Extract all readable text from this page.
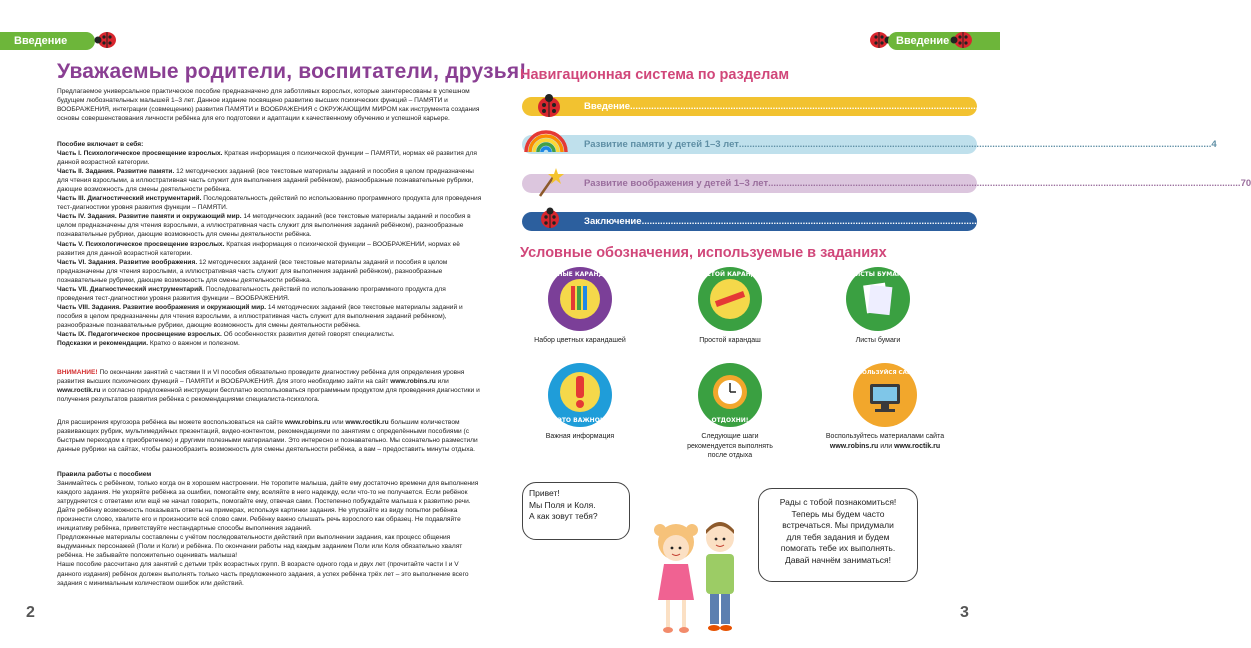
Введение
Уважаемые родители, воспитатели, друзья!
Предлагаемое универсальное практическое пособие предназначено для заботливых взрослых, которые заинтересованы в успешном будущем любознательных малышей 1–3 лет. Данное издание посвящено развитию высших психических функций – ПАМЯТИ и ВООБРАЖЕНИЯ, интеграции (совмещению) развития ПАМЯТИ и ВООБРАЖЕНИЯ с ОКРУЖАЮЩИМ МИРОМ как инструмента создания основы совершенствования личности ребёнка для его подготовки и адаптации к качественному обучению и успешной карьере.
Пособие включает в себя:
Часть I. Психологическое просвещение взрослых. Краткая информация о психической функции – ПАМЯТИ, нормах её развития для данной возрастной категории.
Часть II. Задания. Развитие памяти. 12 методических заданий (все текстовые материалы заданий и пособия в целом предназначены для чтения взрослыми, а иллюстративная часть служит для выполнения заданий ребёнком), разнообразные познавательные рубрики, дающие возможность для смены деятельности ребёнка.
Часть III. Диагностический инструментарий. Последовательность действий по использованию программного продукта для проведения тест-диагностики уровня развития функции – ПАМЯТИ.
Часть IV. Задания. Развитие памяти и окружающий мир. 14 методических заданий (все текстовые материалы заданий и пособия в целом предназначены для чтения взрослыми, а иллюстративная часть служит для выполнения заданий ребёнком), разнообразные познавательные рубрики, дающие возможность для смены деятельности ребёнка.
Часть V. Психологическое просвещение взрослых. Краткая информация о психической функции – ВООБРАЖЕНИИ, нормах её развития для данной возрастной категории.
Часть VI. Задания. Развитие воображения. 12 методических заданий (все текстовые материалы заданий и пособия в целом предназначены для чтения взрослыми, а иллюстративная часть служит для выполнения заданий ребёнком), разнообразные познавательные рубрики, дающие возможность для смены деятельности ребёнка.
Часть VII. Диагностический инструментарий. Последовательность действий по использованию программного продукта для проведения тест-диагностики уровня развития функции – ВООБРАЖЕНИЯ.
Часть VIII. Задания. Развитие воображения и окружающий мир. 14 методических заданий (все текстовые материалы заданий и пособия в целом предназначены для чтения взрослыми, а иллюстративная часть служит для выполнения заданий ребёнком), разнообразные познавательные рубрики, дающие возможность для смены деятельности ребёнка.
Часть IX. Педагогическое просвещение взрослых. Об особенностях развития детей говорят специалисты.
Подсказки и рекомендации. Кратко о важном и полезном.
ВНИМАНИЕ! По окончании занятий с частями II и VI пособия обязательно проведите диагностику ребёнка для определения уровня развития высших психических функций – ПАМЯТИ и ВООБРАЖЕНИЯ. Для этого необходимо зайти на сайт www.robins.ru или www.roctik.ru и согласно предложенной инструкции бесплатно воспользоваться программным продуктом для проведения диагностики и получения результатов развития ребёнка с рекомендациями специалиста-психолога.
Для расширения кругозора ребёнка вы можете воспользоваться на сайте www.robins.ru или www.roctik.ru большим количеством развивающих рубрик, мультимедийных презентаций, видео-контентом, рекомендациями по занятиям с определёнными пособиями (с быстрым переходом к приобретению) и другими полезными материалами. Это интересно и познавательно. Мы сознательно разместили данные рубрики на сайтах, чтобы разнообразить возможность для смены деятельности ребёнка, а вам – предоставить минуты отдыха.
Правила работы с пособием
Занимайтесь с ребёнком, только когда он в хорошем настроении. Не торопите малыша, дайте ему достаточно времени для выполнения каждого задания. Не укоряйте ребёнка за ошибки, помогайте ему, вселяйте в него надежду, если что-то не получается. Если ребёнок затрудняется с ответами или ещё не начал говорить, помогайте ему, отвечая сами. Постепенно побуждайте малыша к развитию речи. Дайте ребёнку возможность показывать ответы на примерах, используя картинки задания. Не упускайте из виду попытки ребёнка произнести слово, хвалите его и произносите всё слово сами. Ребёнку важно слышать речь взрослого как образец. Не подавляйте инициативу ребёнка, приветствуйте нестандартные способы выполнения заданий.
Предложенные материалы составлены с учётом последовательности действий при выполнении задания, как процесс общения выдуманных персонажей (Поли и Коли) и ребёнка. По окончании работы над каждым заданием Поли или Коля обязательно хвалят ребёнка. Не забывайте положительно оценивать малыша!
Наше пособие рассчитано для занятий с детьми трёх возрастных групп. В возрасте одного года и двух лет (прочитайте части I и V данного издания) ребёнок должен выполнять только часть предложенного задания, а успех ребёнка трёх лет – это выполнение всего задания с минимальным количеством ошибок или действий.
2
Введение
Навигационная система по разделам
Введение ................................................................................................................................................................................... 2
Развитие памяти у детей 1–3 лет ................................................................................................................................................................................... 4
Развитие воображения у детей 1–3 лет ................................................................................................................................................................................... 70
Заключение ................................................................................................................................................................................... 119
Условные обозначения, используемые в заданиях
ЦВЕТНЫЕ КАРАНДАШИ
Набор цветных карандашей
ПРОСТОЙ КАРАНДАШ
Простой карандаш
ЛИСТЫ БУМАГИ
Листы бумаги
ЭТО ВАЖНО!
Важная информация
ОТДОХНИ!
Следующие шаги
рекомендуется выполнять
после отдыха
ВОСПОЛЬЗУЙСЯ САЙТОМ
Воспользуйтесь материалами сайта
www.robins.ru или www.roctik.ru
Привет!
Мы Поля и Коля.
А как зовут тебя?
Рады с тобой познакомиться!
Теперь мы будем часто
встречаться. Мы придумали
для тебя задания и будем
помогать тебе их выполнять.
Давай начнём заниматься!
3
